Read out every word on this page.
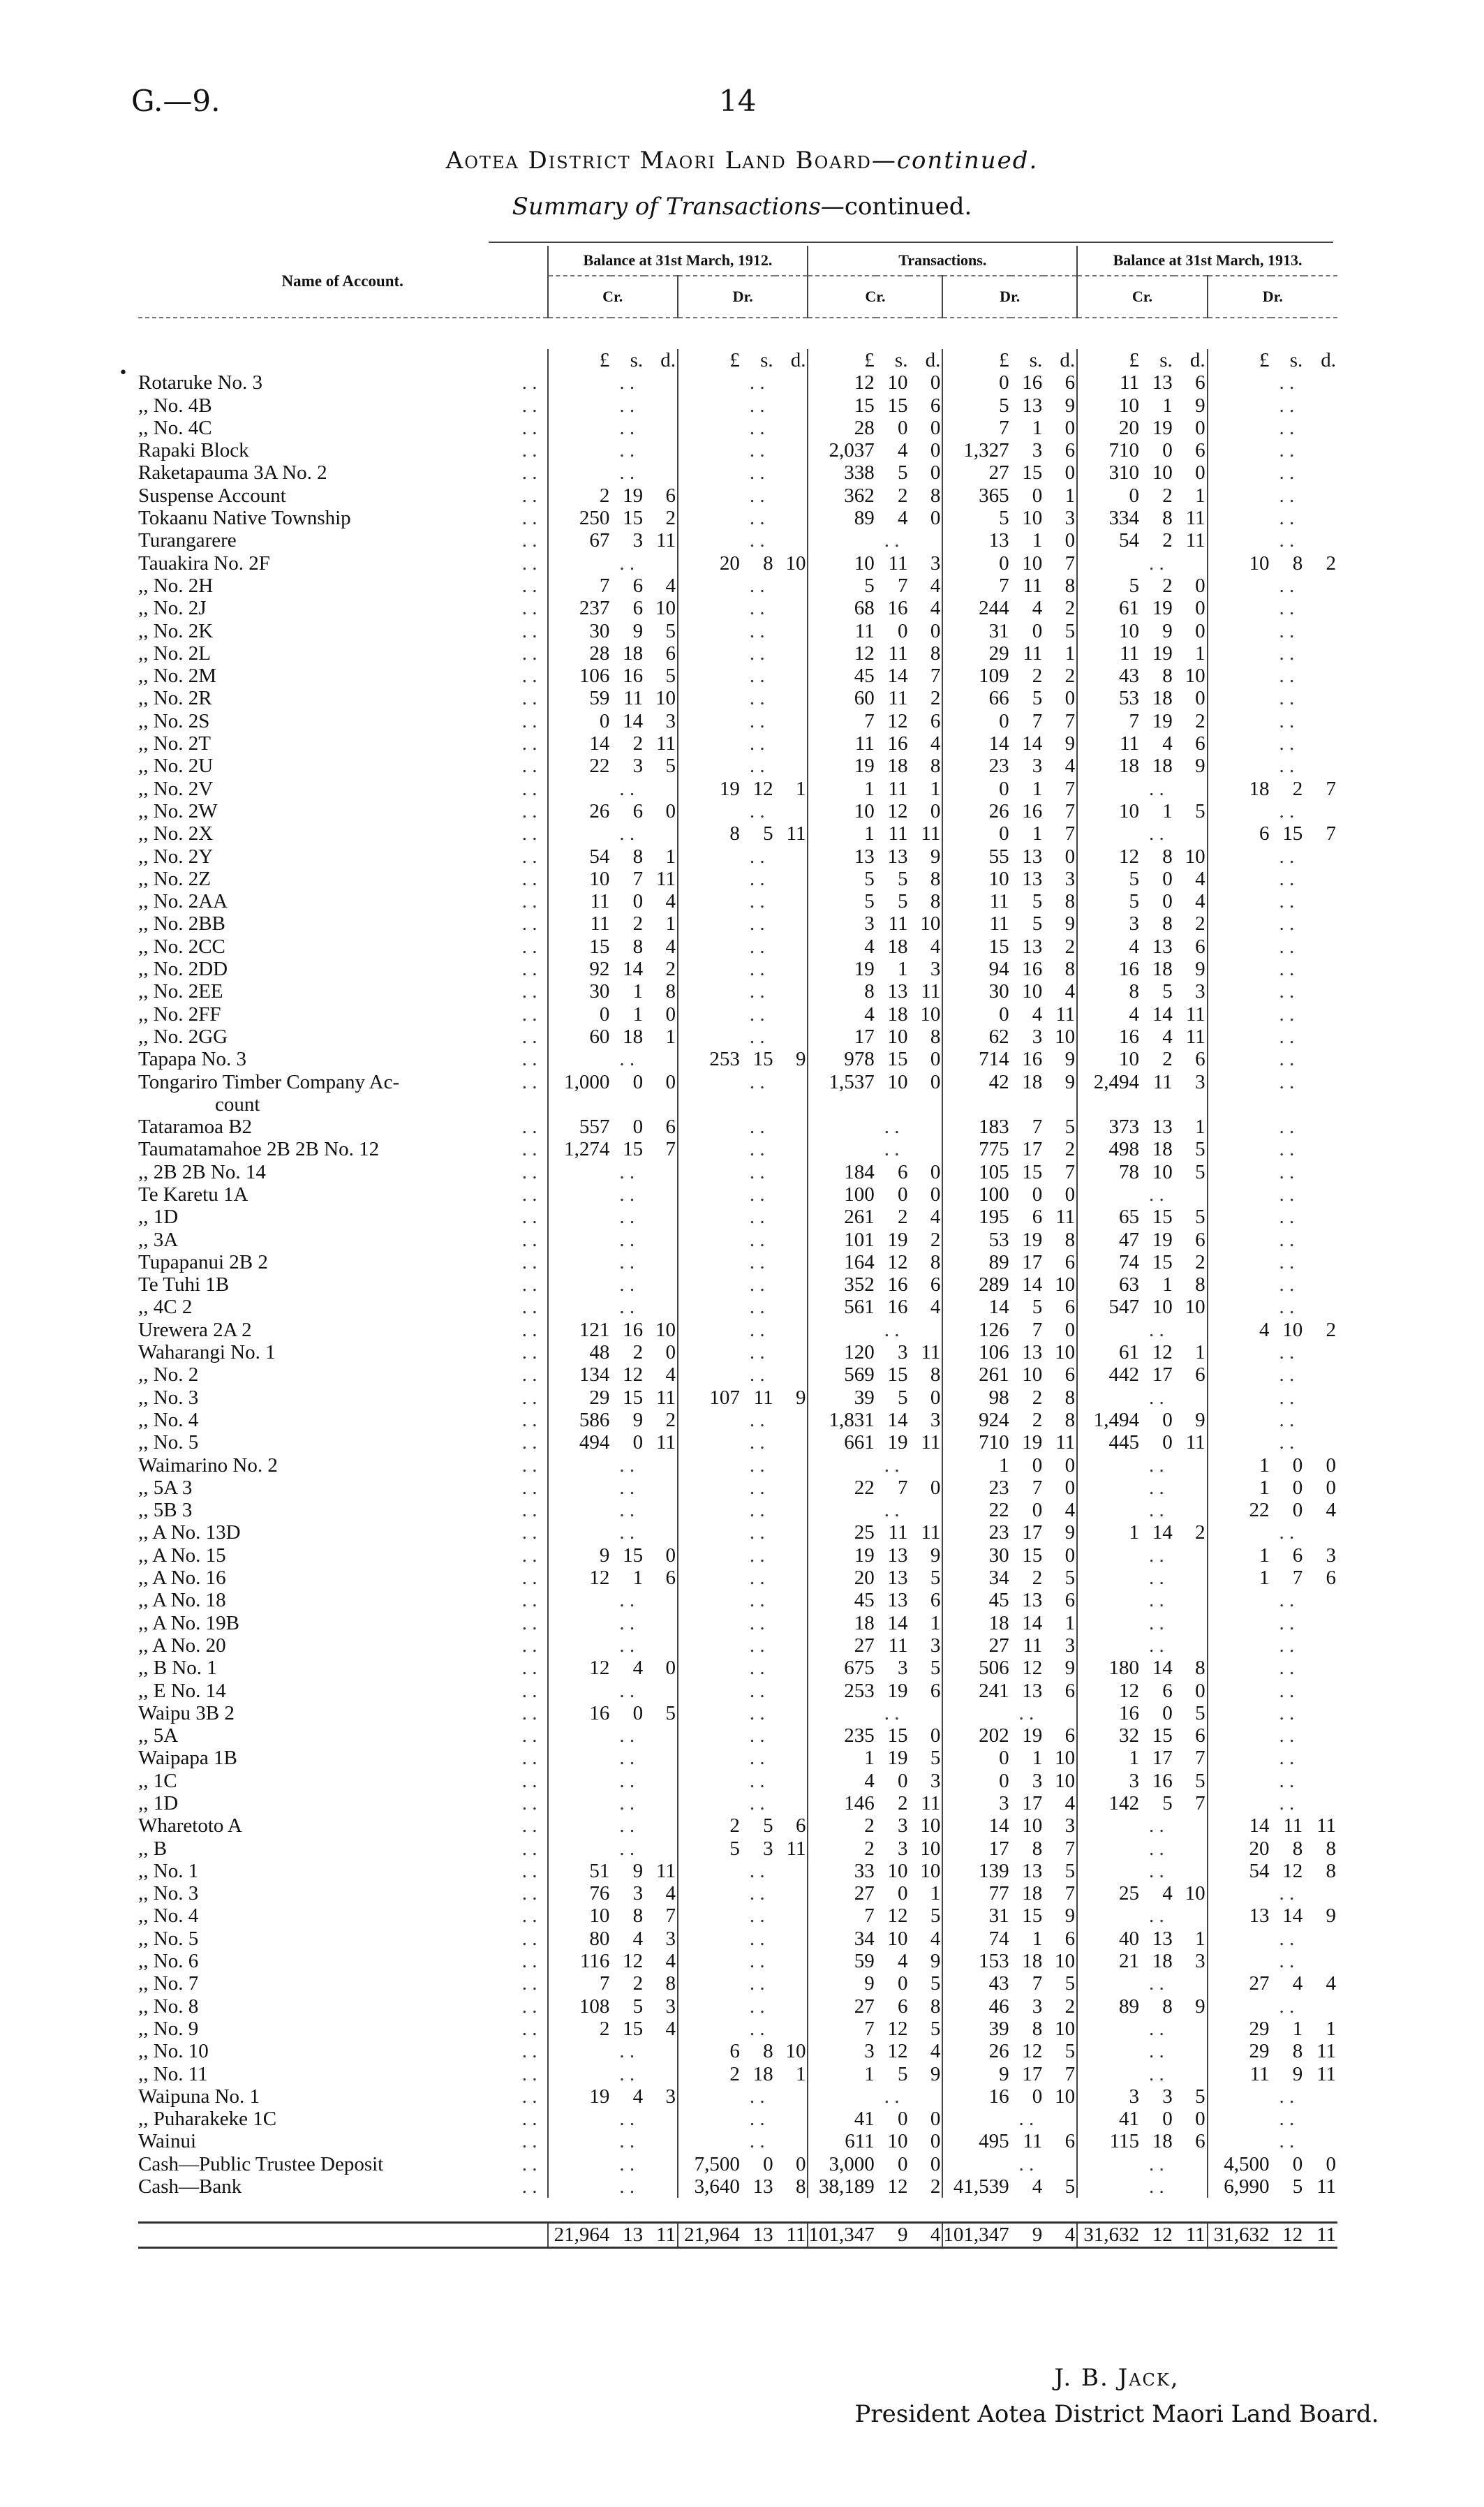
G.—9.	14
Aotea District Maori Land Board—continued.
Summary of Transactions—continued.
Name of Account.	Balance at 31st March, 1912.						Transactions.						Balance at 31st March, 1913.					
	Cr.			Dr.			Cr.			Dr.			Cr.			Dr.		

	£	s.	d.	£	s.	d.	£	s.	d.	£	s.	d.	£	s.	d.	£	s.	d.
Rotaruke No. 3 . .		. .			. .		12	10	0	0	16	6	11	13	6		. .	
,, No. 4B . .		. .			. .		15	15	6	5	13	9	10	1	9		. .	
,, No. 4C . .		. .			. .		28	0	0	7	1	0	20	19	0		. .	
Rapaki Block . .		. .			. .		2,037	4	0	1,327	3	6	710	0	6		. .	
Raketapauma 3A No. 2 . .		. .			. .		338	5	0	27	15	0	310	10	0		. .	
Suspense Account . .	2	19	6		. .		362	2	8	365	0	1	0	2	1		. .	
Tokaanu Native Township . .	250	15	2		. .		89	4	0	5	10	3	334	8	11		. .	
Turangarere . .	67	3	11		. .			. .		13	1	0	54	2	11		. .	
Tauakira No. 2F . .		. .		20	8	10	10	11	3	0	10	7		. .		10	8	2
,, No. 2H . .	7	6	4		. .		5	7	4	7	11	8	5	2	0		. .	
,, No. 2J . .	237	6	10		. .		68	16	4	244	4	2	61	19	0		. .	
,, No. 2K . .	30	9	5		. .		11	0	0	31	0	5	10	9	0		. .	
,, No. 2L . .	28	18	6		. .		12	11	8	29	11	1	11	19	1		. .	
,, No. 2M . .	106	16	5		. .		45	14	7	109	2	2	43	8	10		. .	
,, No. 2R . .	59	11	10		. .		60	11	2	66	5	0	53	18	0		. .	
,, No. 2S . .	0	14	3		. .		7	12	6	0	7	7	7	19	2		. .	
,, No. 2T . .	14	2	11		. .		11	16	4	14	14	9	11	4	6		. .	
,, No. 2U . .	22	3	5		. .		19	18	8	23	3	4	18	18	9		. .	
,, No. 2V . .		. .		19	12	1	1	11	1	0	1	7		. .		18	2	7
,, No. 2W . .	26	6	0		. .		10	12	0	26	16	7	10	1	5		. .	
,, No. 2X . .		. .		8	5	11	1	11	11	0	1	7		. .		6	15	7
,, No. 2Y . .	54	8	1		. .		13	13	9	55	13	0	12	8	10		. .	
,, No. 2Z . .	10	7	11		. .		5	5	8	10	13	3	5	0	4		. .	
,, No. 2AA . .	11	0	4		. .		5	5	8	11	5	8	5	0	4		. .	
,, No. 2BB . .	11	2	1		. .		3	11	10	11	5	9	3	8	2		. .	
,, No. 2CC . .	15	8	4		. .		4	18	4	15	13	2	4	13	6		. .	
,, No. 2DD . .	92	14	2		. .		19	1	3	94	16	8	16	18	9		. .	
,, No. 2EE . .	30	1	8		. .		8	13	11	30	10	4	8	5	3		. .	
,, No. 2FF . .	0	1	0		. .		4	18	10	0	4	11	4	14	11		. .	
,, No. 2GG . .	60	18	1		. .		17	10	8	62	3	10	16	4	11		. .	
Tapapa No. 3 . .		. .		253	15	9	978	15	0	714	16	9	10	2	6		. .	
Tongariro Timber Company Ac- . .	1,000	0	0		. .		1,537	10	0	42	18	9	2,494	11	3		. .	
count																		
Tataramoa B2 . .	557	0	6		. .			. .		183	7	5	373	13	1		. .	
Taumatamahoe 2B 2B No. 12 . .	1,274	15	7		. .			. .		775	17	2	498	18	5		. .	
,, 2B 2B No. 14 . .		. .			. .		184	6	0	105	15	7	78	10	5		. .	
Te Karetu 1A . .		. .			. .		100	0	0	100	0	0		. .			. .	
,, 1D . .		. .			. .		261	2	4	195	6	11	65	15	5		. .	
,, 3A . .		. .			. .		101	19	2	53	19	8	47	19	6		. .	
Tupapanui 2B 2 . .		. .			. .		164	12	8	89	17	6	74	15	2		. .	
Te Tuhi 1B . .		. .			. .		352	16	6	289	14	10	63	1	8		. .	
,, 4C 2 . .		. .			. .		561	16	4	14	5	6	547	10	10		. .	
Urewera 2A 2 . .	121	16	10		. .			. .		126	7	0		. .		4	10	2
Waharangi No. 1 . .	48	2	0		. .		120	3	11	106	13	10	61	12	1		. .	
,, No. 2 . .	134	12	4		. .		569	15	8	261	10	6	442	17	6		. .	
,, No. 3 . .	29	15	11	107	11	9	39	5	0	98	2	8		. .			. .	
,, No. 4 . .	586	9	2		. .		1,831	14	3	924	2	8	1,494	0	9		. .	
,, No. 5 . .	494	0	11		. .		661	19	11	710	19	11	445	0	11		. .	
Waimarino No. 2 . .		. .			. .			. .		1	0	0		. .		1	0	0
,, 5A 3 . .		. .			. .		22	7	0	23	7	0		. .		1	0	0
,, 5B 3 . .		. .			. .			. .		22	0	4		. .		22	0	4
,, A No. 13D . .		. .			. .		25	11	11	23	17	9	1	14	2		. .	
,, A No. 15 . .	9	15	0		. .		19	13	9	30	15	0		. .		1	6	3
,, A No. 16 . .	12	1	6		. .		20	13	5	34	2	5		. .		1	7	6
,, A No. 18 . .		. .			. .		45	13	6	45	13	6		. .			. .	
,, A No. 19B . .		. .			. .		18	14	1	18	14	1		. .			. .	
,, A No. 20 . .		. .			. .		27	11	3	27	11	3		. .			. .	
,, B No. 1 . .	12	4	0		. .		675	3	5	506	12	9	180	14	8		. .	
,, E No. 14 . .		. .			. .		253	19	6	241	13	6	12	6	0		. .	
Waipu 3B 2 . .	16	0	5		. .			. .			. .		16	0	5		. .	
,, 5A . .		. .			. .		235	15	0	202	19	6	32	15	6		. .	
Waipapa 1B . .		. .			. .		1	19	5	0	1	10	1	17	7		. .	
,, 1C . .		. .			. .		4	0	3	0	3	10	3	16	5		. .	
,, 1D . .		. .			. .		146	2	11	3	17	4	142	5	7		. .	
Wharetoto A . .		. .		2	5	6	2	3	10	14	10	3		. .		14	11	11
,, B . .		. .		5	3	11	2	3	10	17	8	7		. .		20	8	8
,, No. 1 . .	51	9	11		. .		33	10	10	139	13	5		. .		54	12	8
,, No. 3 . .	76	3	4		. .		27	0	1	77	18	7	25	4	10		. .	
,, No. 4 . .	10	8	7		. .		7	12	5	31	15	9		. .		13	14	9
,, No. 5 . .	80	4	3		. .		34	10	4	74	1	6	40	13	1		. .	
,, No. 6 . .	116	12	4		. .		59	4	9	153	18	10	21	18	3		. .	
,, No. 7 . .	7	2	8		. .		9	0	5	43	7	5		. .		27	4	4
,, No. 8 . .	108	5	3		. .		27	6	8	46	3	2	89	8	9		. .	
,, No. 9 . .	2	15	4		. .		7	12	5	39	8	10		. .		29	1	1
,, No. 10 . .		. .		6	8	10	3	12	4	26	12	5		. .		29	8	11
,, No. 11 . .		. .		2	18	1	1	5	9	9	17	7		. .		11	9	11
Waipuna No. 1 . .	19	4	3		. .			. .		16	0	10	3	3	5		. .	
,, Puharakeke 1C . .		. .			. .		41	0	0		. .		41	0	0		. .	
Wainui . .		. .			. .		611	10	0	495	11	6	115	18	6		. .	
Cash—Public Trustee Deposit . .		. .		7,500	0	0	3,000	0	0		. .			. .		4,500	0	0
Cash—Bank . .		. .		3,640	13	8	38,189	12	2	41,539	4	5		. .		6,990	5	11

	21,964	13	11	21,964	13	11	101,347	9	4	101,347	9	4	31,632	12	11	31,632	12	11
•
J. B. Jack,
President Aotea District Maori Land Board.
